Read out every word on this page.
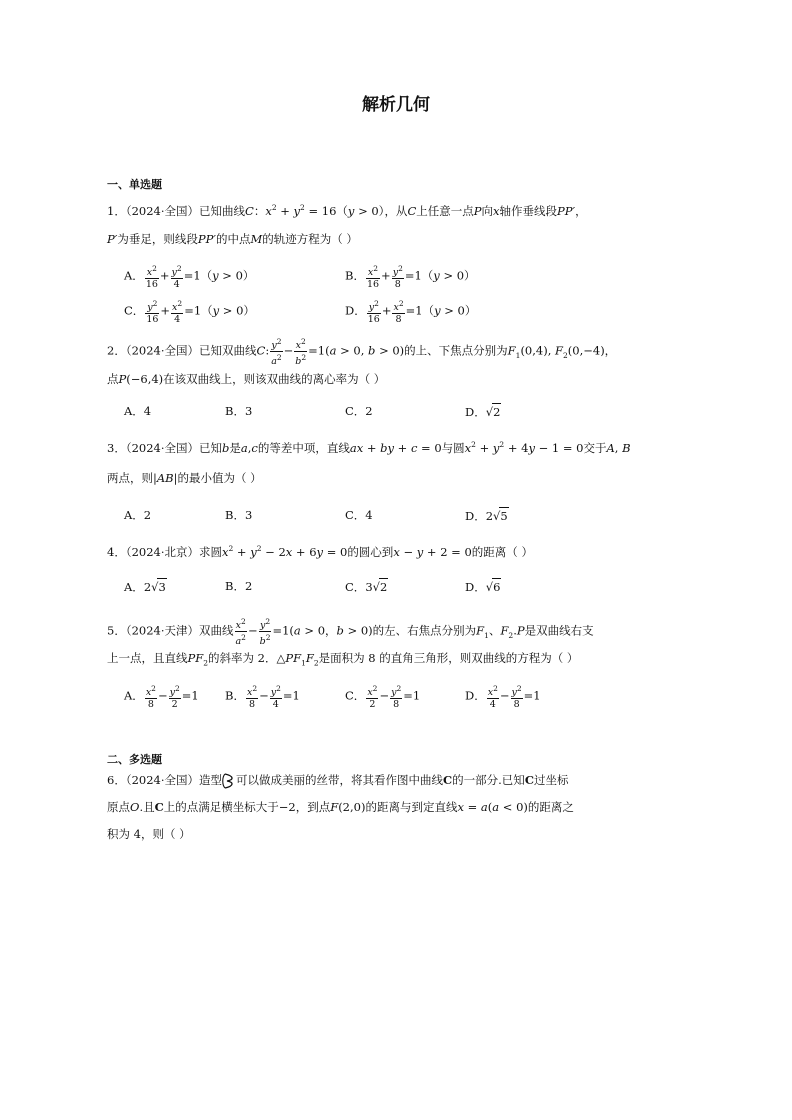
解析几何
一、单选题
1．（2024·全国）已知曲线C：$x^2 + y^2 = 16(y > 0)$，从C上任意一点P向x轴作垂线段PP′，
P′为垂足，则线段PP′的中点M的轨迹方程为（ ）
A． $\frac{x^2}{16} + \frac{y^2}{4} =1(y > 0)$	B． $\frac{x^2}{16} + \frac{y^2}{8} =1(y > 0)$
C． $\frac{y^2}{16} + \frac{x^2}{4} =1(y > 0)$	D． $\frac{y^2}{16} + \frac{x^2}{8} =1(y > 0)$
2．（2024·全国）已知双曲线C: $\frac{y^2}{a^2} - \frac{x^2}{b^2} =1(a > 0$, b > 0)的上、下焦点分别为$F_1(0,4)$, $F_2(0,-4)$，
点P(−6,4)在该双曲线上，则该双曲线的离心率为（ ）
A．4	B．3	C．2	D．√2
3．（2024·全国）已知b是a,c的等差中项，直线ax + by + c = 0与圆$x^2 + y^2 + 4y - 1 = 0$交于A, B
两点，则|AB|的最小值为（ ）
A．2	B．3	C．4	D．2√5
4．（2024·北京）求圆$x^2 + y^2 - 2x + 6y = 0$的圆心到x − y + 2 = 0的距离（ ）
A．2√3	B．2	C．3√2	D．√6
5．（2024·天津）双曲线 $\frac{x^2}{a^2} - \frac{y^2}{b^2} =1(a > 0$，b > 0)的左、右焦点分别为$F_1$、$F_2.P$是双曲线右支
上一点，且直线$PF_2$的斜率为 2．$\triangle PF_1F_2$是面积为 8 的直角三角形，则双曲线的方程为（ ）
A． $\frac{x^2}{8} - \frac{y^2}{2} =1$ B． $\frac{x^2}{8} - \frac{y^2}{4} =1$	C． $\frac{x^2}{2} - \frac{y^2}{8} =1$	D． $\frac{x^2}{4} - \frac{y^2}{8} =1$
二、多选题
6．（2024·全国）造型 可以做成美丽的丝带，将其看作图中曲线C的一部分.已知C过坐标
原点O.且C上的点满足横坐标大于−2，到点F(2,0)的距离与到定直线x = a(a < 0)的距离之
积为 4，则（ ）
